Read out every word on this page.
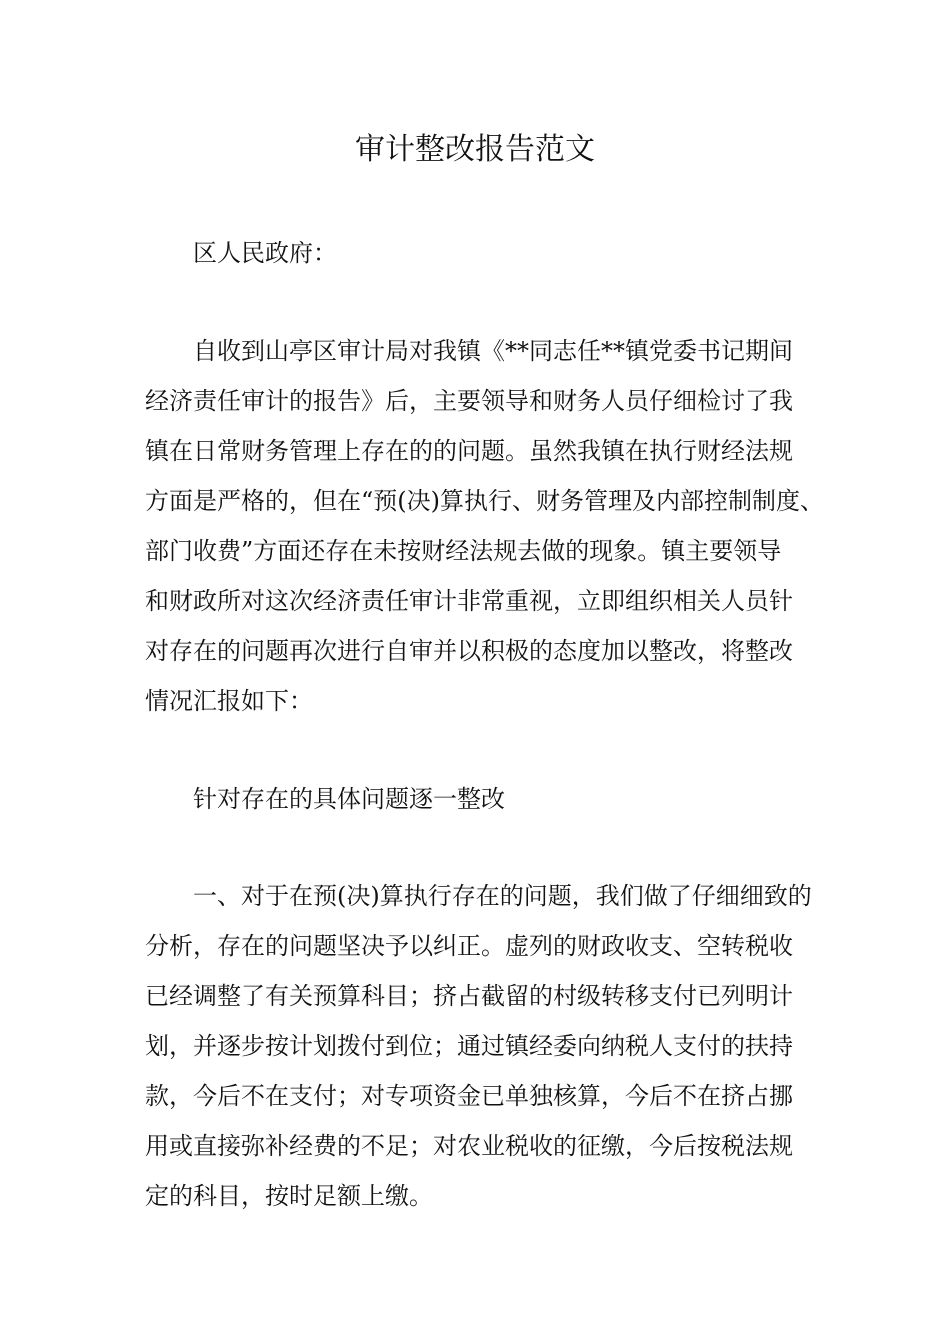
审计整改报告范文

区人民政府：

自收到山亭区审计局对我镇《**同志任**镇党委书记期间
经济责任审计的报告》后，主要领导和财务人员仔细检讨了我
镇在日常财务管理上存在的的问题。虽然我镇在执行财经法规
方面是严格的，但在“预(决)算执行、财务管理及内部控制制度、
部门收费”方面还存在未按财经法规去做的现象。镇主要领导
和财政所对这次经济责任审计非常重视，立即组织相关人员针
对存在的问题再次进行自审并以积极的态度加以整改，将整改
情况汇报如下：

针对存在的具体问题逐一整改

一、对于在预(决)算执行存在的问题，我们做了仔细细致的
分析，存在的问题坚决予以纠正。虚列的财政收支、空转税收
已经调整了有关预算科目；挤占截留的村级转移支付已列明计
划，并逐步按计划拨付到位；通过镇经委向纳税人支付的扶持
款，今后不在支付；对专项资金已单独核算，今后不在挤占挪
用或直接弥补经费的不足；对农业税收的征缴，今后按税法规
定的科目，按时足额上缴。
